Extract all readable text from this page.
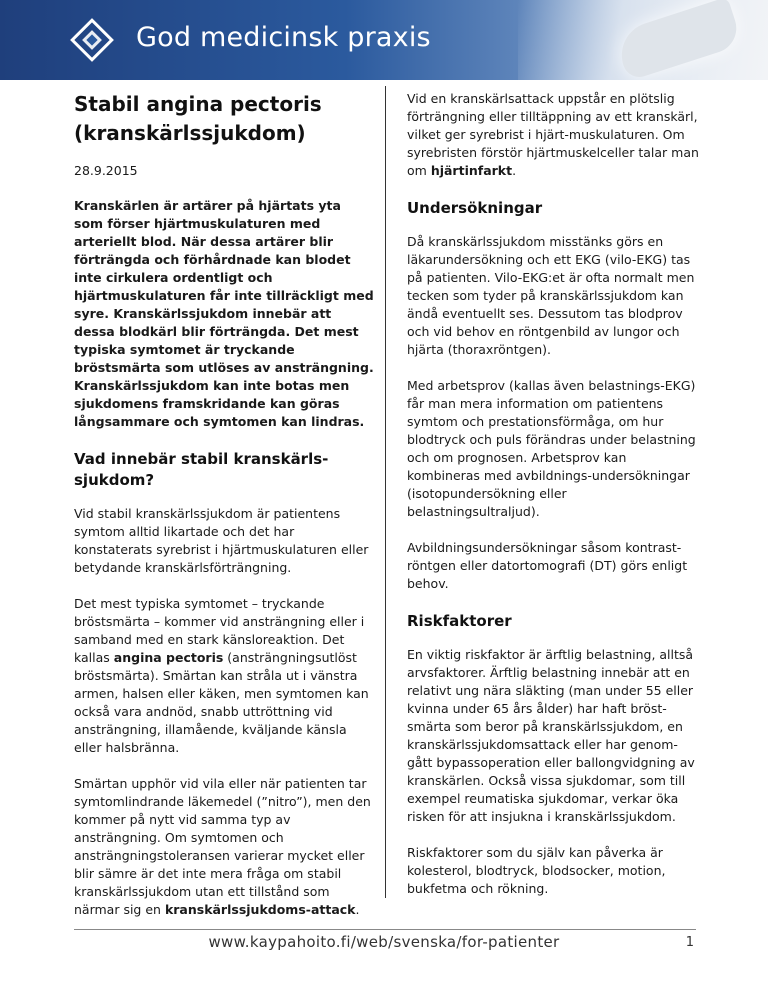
God medicinsk praxis
Stabil angina pectoris (kranskärlssjukdom)
28.9.2015
Kranskärlen är artärer på hjärtats yta som förser hjärtmuskulaturen med arteriellt blod. När dessa artärer blir förträngda och förhårdnade kan blodet inte cirkulera ordentligt och hjärtmuskulaturen får inte tillräckligt med syre. Kranskärlssjukdom innebär att dessa blodkärl blir förträngda. Det mest typiska symtomet är tryckande bröstsmärta som utlöses av ansträngning. Kranskärlssjukdom kan inte botas men sjukdomens framskridande kan göras långsammare och symtomen kan lindras.
Vad innebär stabil kranskärls-sjukdom?

Vid stabil kranskärlssjukdom är patientens symtom alltid likartade och det har konstaterats syrebrist i hjärtmuskulaturen eller betydande kranskärlsförträngning.

Det mest typiska symtomet – tryckande bröstsmärta – kommer vid ansträngning eller i samband med en stark känsloreaktion. Det kallas angina pectoris (ansträngningsutlöst bröstsmärta). Smärtan kan stråla ut i vänstra armen, halsen eller käken, men symtomen kan också vara andnöd, snabb uttröttning vid ansträngning, illamående, kväljande känsla eller halsbränna.

Smärtan upphör vid vila eller när patienten tar symtomlindrande läkemedel (”nitro”), men den kommer på nytt vid samma typ av ansträngning. Om symtomen och ansträngningstoleransen varierar mycket eller blir sämre är det inte mera fråga om stabil kranskärlssjukdom utan ett tillstånd som närmar sig en kranskärlssjukdoms-attack.

Vid en kranskärlsattack uppstår en plötslig förträngning eller tilltäppning av ett kranskärl, vilket ger syrebrist i hjärt-muskulaturen. Om syrebristen förstör hjärtmuskelceller talar man om hjärtinfarkt.

Undersökningar

Då kranskärlssjukdom misstänks görs en läkarundersökning och ett EKG (vilo-EKG) tas på patienten. Vilo-EKG:et är ofta normalt men tecken som tyder på kranskärlssjukdom kan ändå eventuellt ses. Dessutom tas blodprov och vid behov en röntgenbild av lungor och hjärta (thoraxröntgen).

Med arbetsprov (kallas även belastnings-EKG) får man mera information om patientens symtom och prestationsförmåga, om hur blodtryck och puls förändras under belastning och om prognosen. Arbetsprov kan kombineras med avbildnings-undersökningar (isotopundersökning eller belastningsultraljud).

Avbildningsundersökningar såsom kontrast-röntgen eller datortomografi (DT) görs enligt behov.

Riskfaktorer

En viktig riskfaktor är ärftlig belastning, alltså arvsfaktorer. Ärftlig belastning innebär att en relativt ung nära släkting (man under 55 eller kvinna under 65 års ålder) har haft bröst-smärta som beror på kranskärlssjukdom, en kranskärlssjukdomsattack eller har genom-gått bypassoperation eller ballongvidgning av kranskärlen. Också vissa sjukdomar, som till exempel reumatiska sjukdomar, verkar öka risken för att insjukna i kranskärlssjukdom.

Riskfaktorer som du själv kan påverka är kolesterol, blodtryck, blodsocker, motion, bukfetma och rökning.

www.kaypahoito.fi/web/svenska/for-patienter	1
